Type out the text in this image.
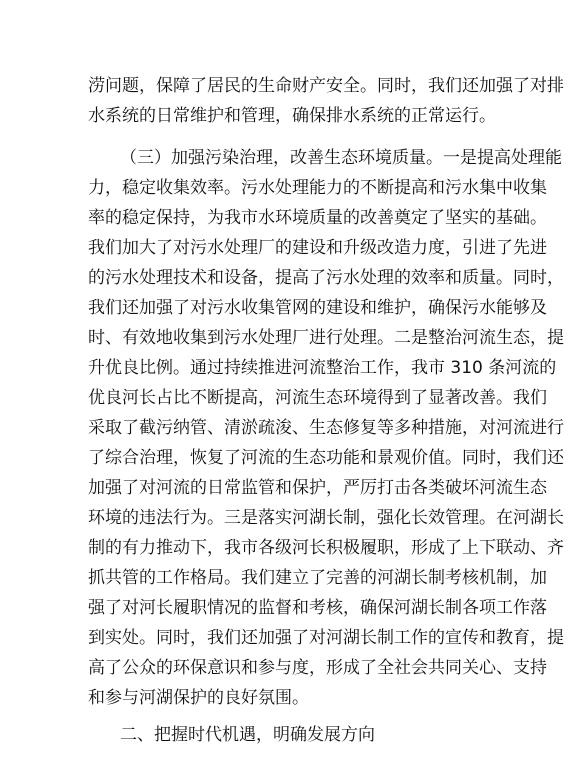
涝问题，保障了居民的生命财产安全。同时，我们还加强了对排
水系统的日常维护和管理，确保排水系统的正常运行。
（三）加强污染治理，改善生态环境质量。一是提高处理能
力，稳定收集效率。污水处理能力的不断提高和污水集中收集
率的稳定保持，为我市水环境质量的改善奠定了坚实的基础。
我们加大了对污水处理厂的建设和升级改造力度，引进了先进
的污水处理技术和设备，提高了污水处理的效率和质量。同时，
我们还加强了对污水收集管网的建设和维护，确保污水能够及
时、有效地收集到污水处理厂进行处理。二是整治河流生态，提
升优良比例。通过持续推进河流整治工作，我市 310 条河流的
优良河长占比不断提高，河流生态环境得到了显著改善。我们
采取了截污纳管、清淤疏浚、生态修复等多种措施，对河流进行
了综合治理，恢复了河流的生态功能和景观价值。同时，我们还
加强了对河流的日常监管和保护，严厉打击各类破坏河流生态
环境的违法行为。三是落实河湖长制，强化长效管理。在河湖长
制的有力推动下，我市各级河长积极履职，形成了上下联动、齐
抓共管的工作格局。我们建立了完善的河湖长制考核机制，加
强了对河长履职情况的监督和考核，确保河湖长制各项工作落
到实处。同时，我们还加强了对河湖长制工作的宣传和教育，提
高了公众的环保意识和参与度，形成了全社会共同关心、支持
和参与河湖保护的良好氛围。
二、把握时代机遇，明确发展方向
